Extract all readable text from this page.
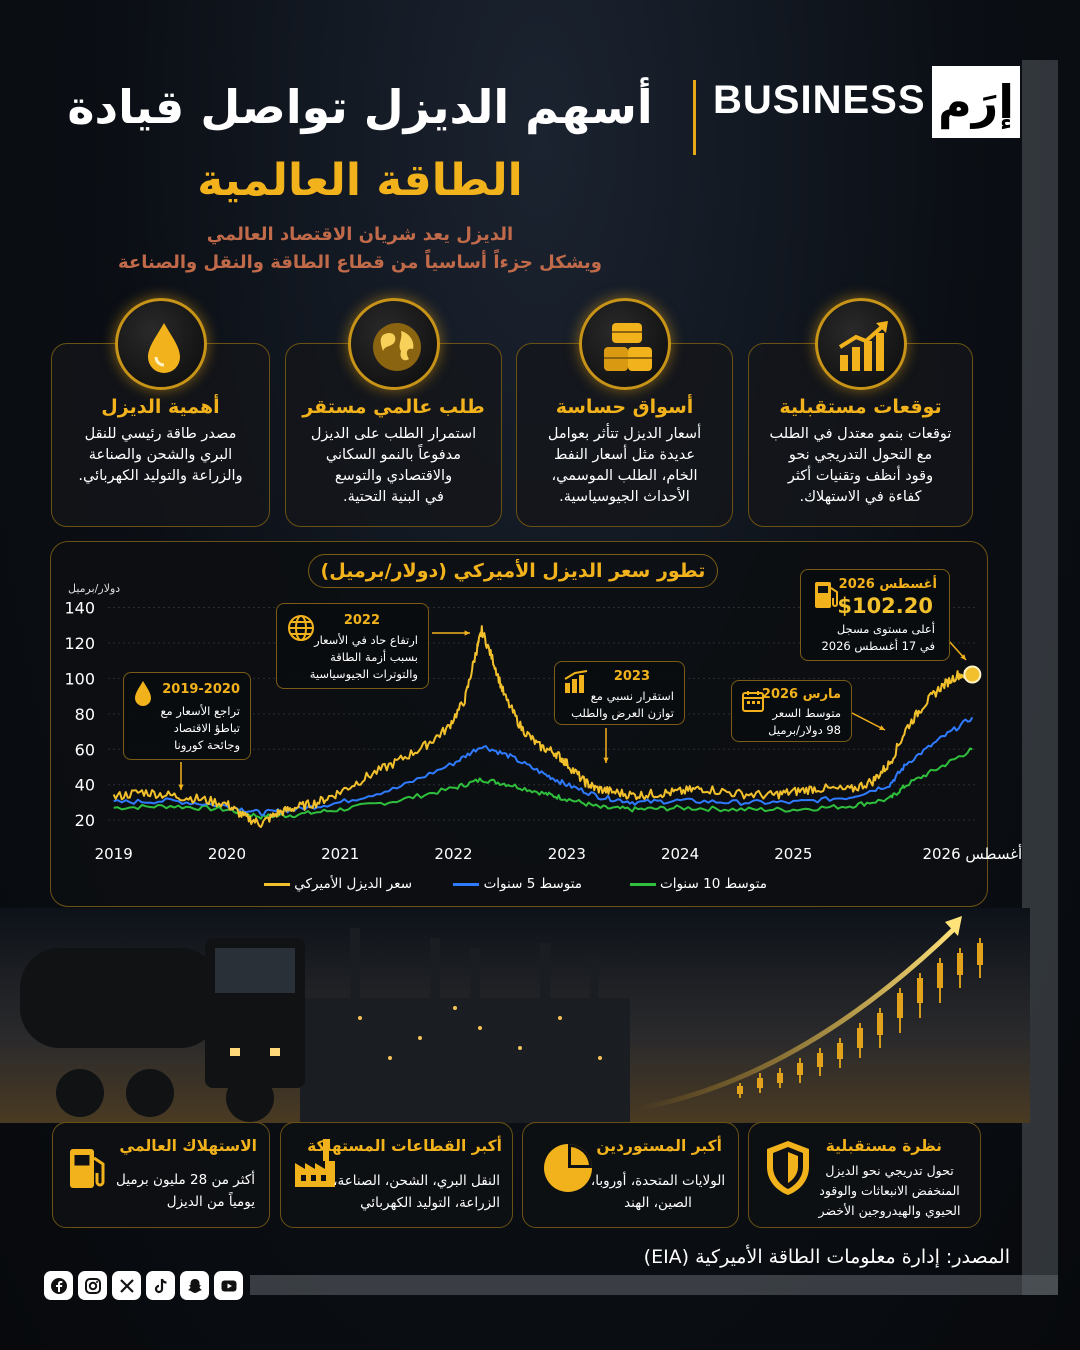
أسهم الديزل تواصل قيادة
الطاقة العالمية
الديزل يعد شريان الاقتصاد العالمي
ويشكل جزءاً أساسياً من قطاع الطاقة والنقل والصناعة
BUSINESS إرَم
أهمية الديزل
مصدر طاقة رئيسي للنقل
البري والشحن والصناعة
والزراعة والتوليد الكهربائي.
طلب عالمي مستقر
استمرار الطلب على الديزل
مدفوعاً بالنمو السكاني
والاقتصادي والتوسع
في البنية التحتية.
أسواق حساسة
أسعار الديزل تتأثر بعوامل
عديدة مثل أسعار النفط
الخام، الطلب الموسمي،
الأحداث الجيوسياسية.
توقعات مستقبلية
توقعات بنمو معتدل في الطلب
مع التحول التدريجي نحو
وقود أنظف وتقنيات أكثر
كفاءة في الاستهلاك.
تطور سعر الديزل الأميركي (دولار/برميل)
دولار/برميل
20
40
60
80
100
120
140
2019	2020	2021	2022	2023	2024	2025	أغسطس 2026
2019-2020
تراجع الأسعار مع
تباطؤ الاقتصاد
وجائحة كورونا
2022
ارتفاع حاد في الأسعار
بسبب أزمة الطاقة
والتوترات الجيوسياسية	2023
استقرار نسبي مع
توازن العرض والطلب
مارس 2026
متوسط السعر
98 دولار/برميل
أغسطس 2026
$102.20
أعلى مستوى مسجل
في 17 أغسطس 2026
سعر الديزل الأميركي	متوسط 5 سنوات	متوسط 10 سنوات
الاستهلاك العالمي
أكثر من 28 مليون برميل
يومياً من الديزل
أكبر القطاعات المستهلكة
النقل البري، الشحن، الصناعة،
الزراعة، التوليد الكهربائي
أكبر المستوردين
الولايات المتحدة، أوروبا،
الصين، الهند
نظرة مستقبلية
تحول تدريجي نحو الديزل
المنخفض الانبعاثات والوقود
الحيوي والهيدروجين الأخضر
المصدر: إدارة معلومات الطاقة الأميركية (EIA)
